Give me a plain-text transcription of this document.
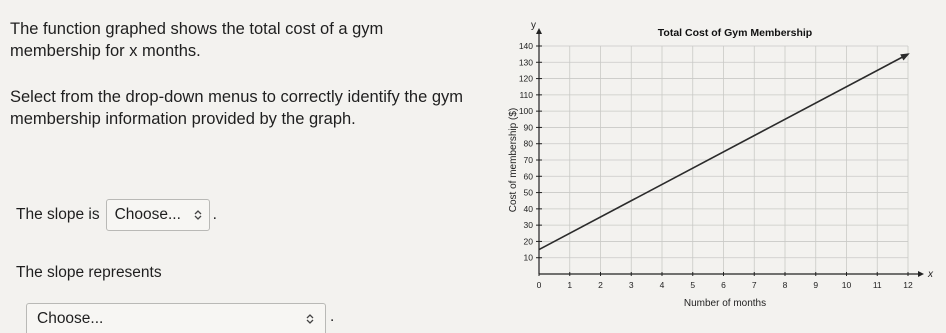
The function graphed shows the total cost of a gym membership for x months.
Select from the drop-down menus to correctly identify the gym membership information provided by the graph.
The slope is Choose... .
The slope represents
Choose...	.
0	1	2	3	4	5	6	7	8	9	10	11	12
10
20
30
40
50
60
70
80
90
100
110
120
130
140
y
x
Total Cost of Gym Membership
Number of months
Cost of membership ($)
